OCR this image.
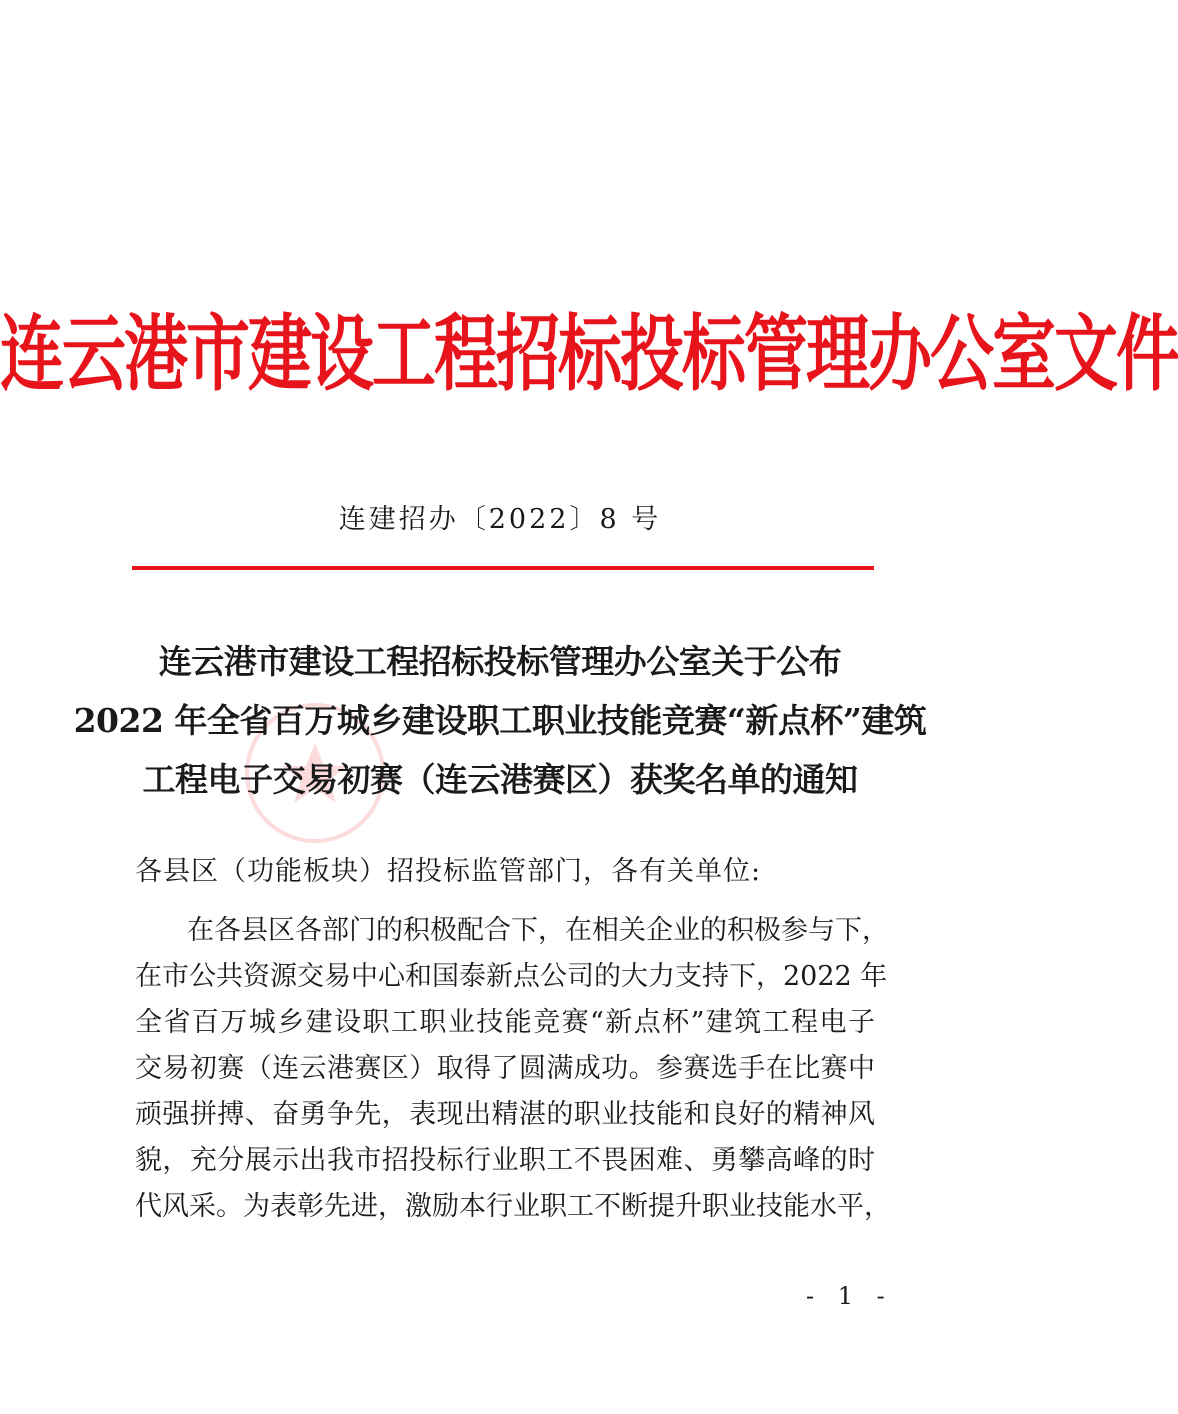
连云港市建设工程招标投标管理办公室文件
连建招办〔2022〕8 号
连云港市建设工程招标投标管理办公室关于公布
2022 年全省百万城乡建设职工职业技能竞赛“新点杯”建筑
工程电子交易初赛（连云港赛区）获奖名单的通知
各县区（功能板块）招投标监管部门，各有关单位:
在各县区各部门的积极配合下，在相关企业的积极参与下，
在市公共资源交易中心和国泰新点公司的大力支持下，2022 年
全省百万城乡建设职工职业技能竞赛“新点杯”建筑工程电子
交易初赛（连云港赛区）取得了圆满成功。参赛选手在比赛中
顽强拼搏、奋勇争先，表现出精湛的职业技能和良好的精神风
貌，充分展示出我市招投标行业职工不畏困难、勇攀高峰的时
代风采。为表彰先进，激励本行业职工不断提升职业技能水平，
- 1 -
